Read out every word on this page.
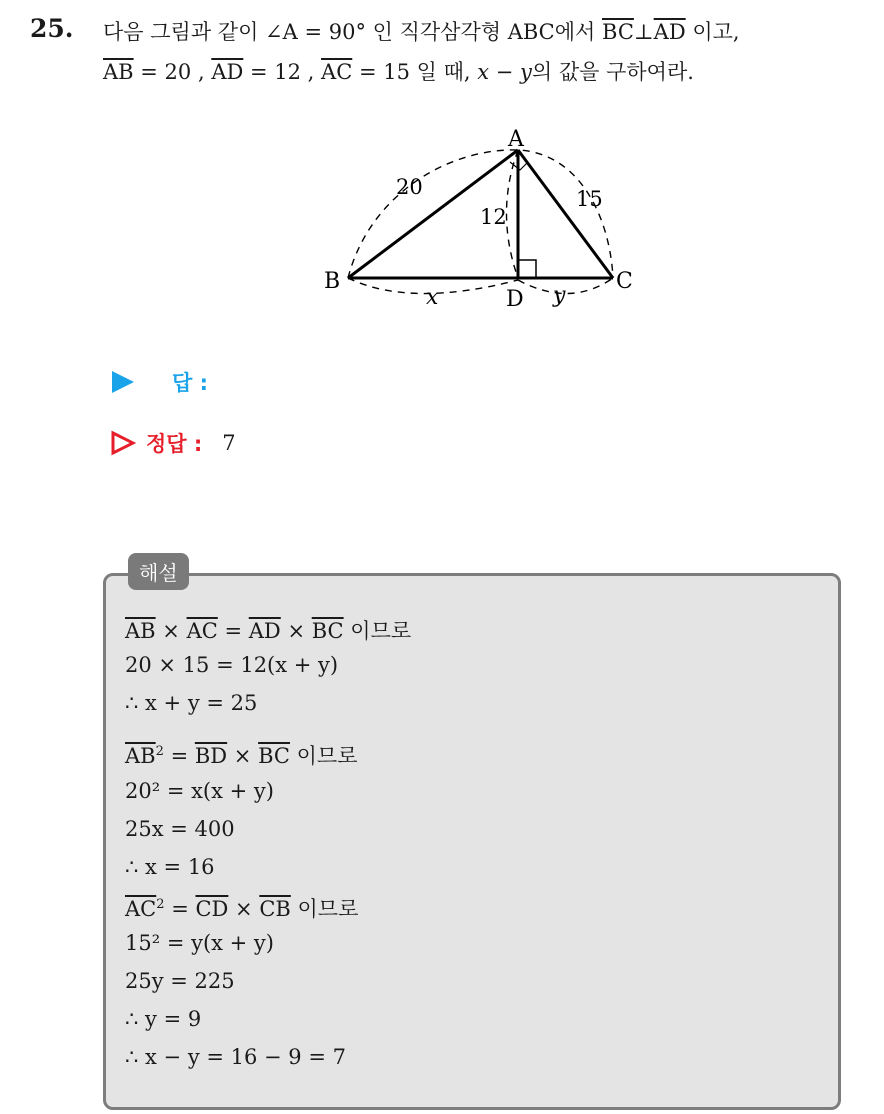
25. 다음 그림과 같이 ∠A = 90° 인 직각삼각형 ABC에서 $\overline{BC}\perp\overline{AD}$ 이고,
$\overline{AB} = 20$ , $\overline{AD} = 12$ , $\overline{AC} = 15$ 일 때, x − y의 값을 구하여라.
A
B	C
D
20	15
12
x	y
답 :
정답 : 7
해설
$\overline{AB} \times \overline{AC} = \overline{AD} \times \overline{BC}$ 이므로
20 × 15 = 12(x + y)
∴ x + y = 25
$\overline{AB}^2 = \overline{BD} \times \overline{BC}$ 이므로
20² = x(x + y)
25x = 400
∴ x = 16
$\overline{AC}^2 = \overline{CD} \times \overline{CB}$ 이므로
15² = y(x + y)
25y = 225
∴ y = 9
∴ x − y = 16 − 9 = 7
